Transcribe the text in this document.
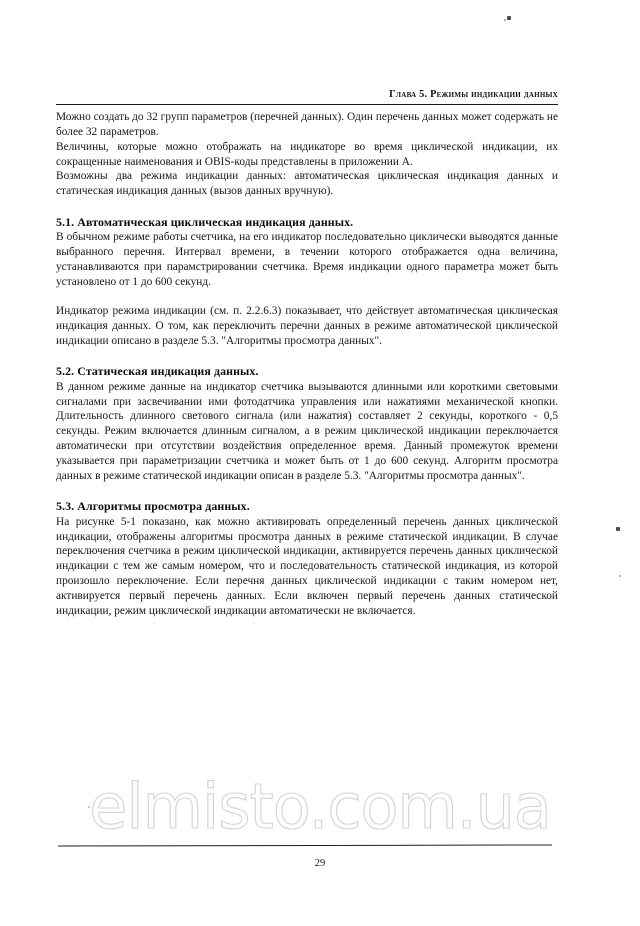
Глава 5. Режимы индикации данных

Можно создать до 32 групп параметров (перечней данных). Один перечень данных может содержать не более 32 параметров.

Величины, которые можно отображать на индикаторе во время циклической индикации, их сокращенные наименования и OBIS-коды представлены в приложении А.

Возможны два режима индикации данных: автоматическая циклическая индикация данных и статическая индикация данных (вызов данных вручную).

5.1. Автоматическая циклическая индикация данных.

В обычном режиме работы счетчика, на его индикатор последовательно циклически выводятся данные выбранного перечня. Интервал времени, в течении которого отображается одна величина, устанавливаются при парамстрировании счетчика. Время индикации одного параметра может быть установлено от 1 до 600 секунд.

Индикатор режима индикации (см. п. 2.2.6.3) показывает, что действует автоматическая циклическая индикация данных. О том, как переключить перечни данных в режиме автоматической циклической индикации описано в разделе 5.3. "Алгоритмы просмотра данных".

5.2. Статическая индикация данных.

В данном режиме данные на индикатор счетчика вызываются длинными или короткими световыми сигналами при засвечивании ими фотодатчика управления или нажатиями механической кнопки. Длительность длинного светового сигнала (или нажатия) составляет 2 секунды, короткого - 0,5 секунды. Режим включается длинным сигналом, а в режим циклической индикации переключается автоматически при отсутствии воздействия определенное время. Данный промежуток времени указывается при параметризации счетчика и может быть от 1 до 600 секунд. Алгоритм просмотра данных в режиме статической индикации описан в разделе 5.3. "Алгоритмы просмотра данных".

5.3. Алгоритмы просмотра данных.

На рисунке 5-1 показано, как можно активировать определенный перечень данных циклической индикации, отображены алгоритмы просмотра данных в режиме статической индикации. В случае переключения счетчика в режим циклической индикации, активируется перечень данных циклической индикации с тем же самым номером, что и последовательность статической индикация, из которой произошло переключение. Если перечня данных циклической индикации с таким номером нет, активируется первый перечень данных. Если включен первый перечень данных статической индикации, режим циклической индикации автоматически не включается.

elmisto.com.ua
29
